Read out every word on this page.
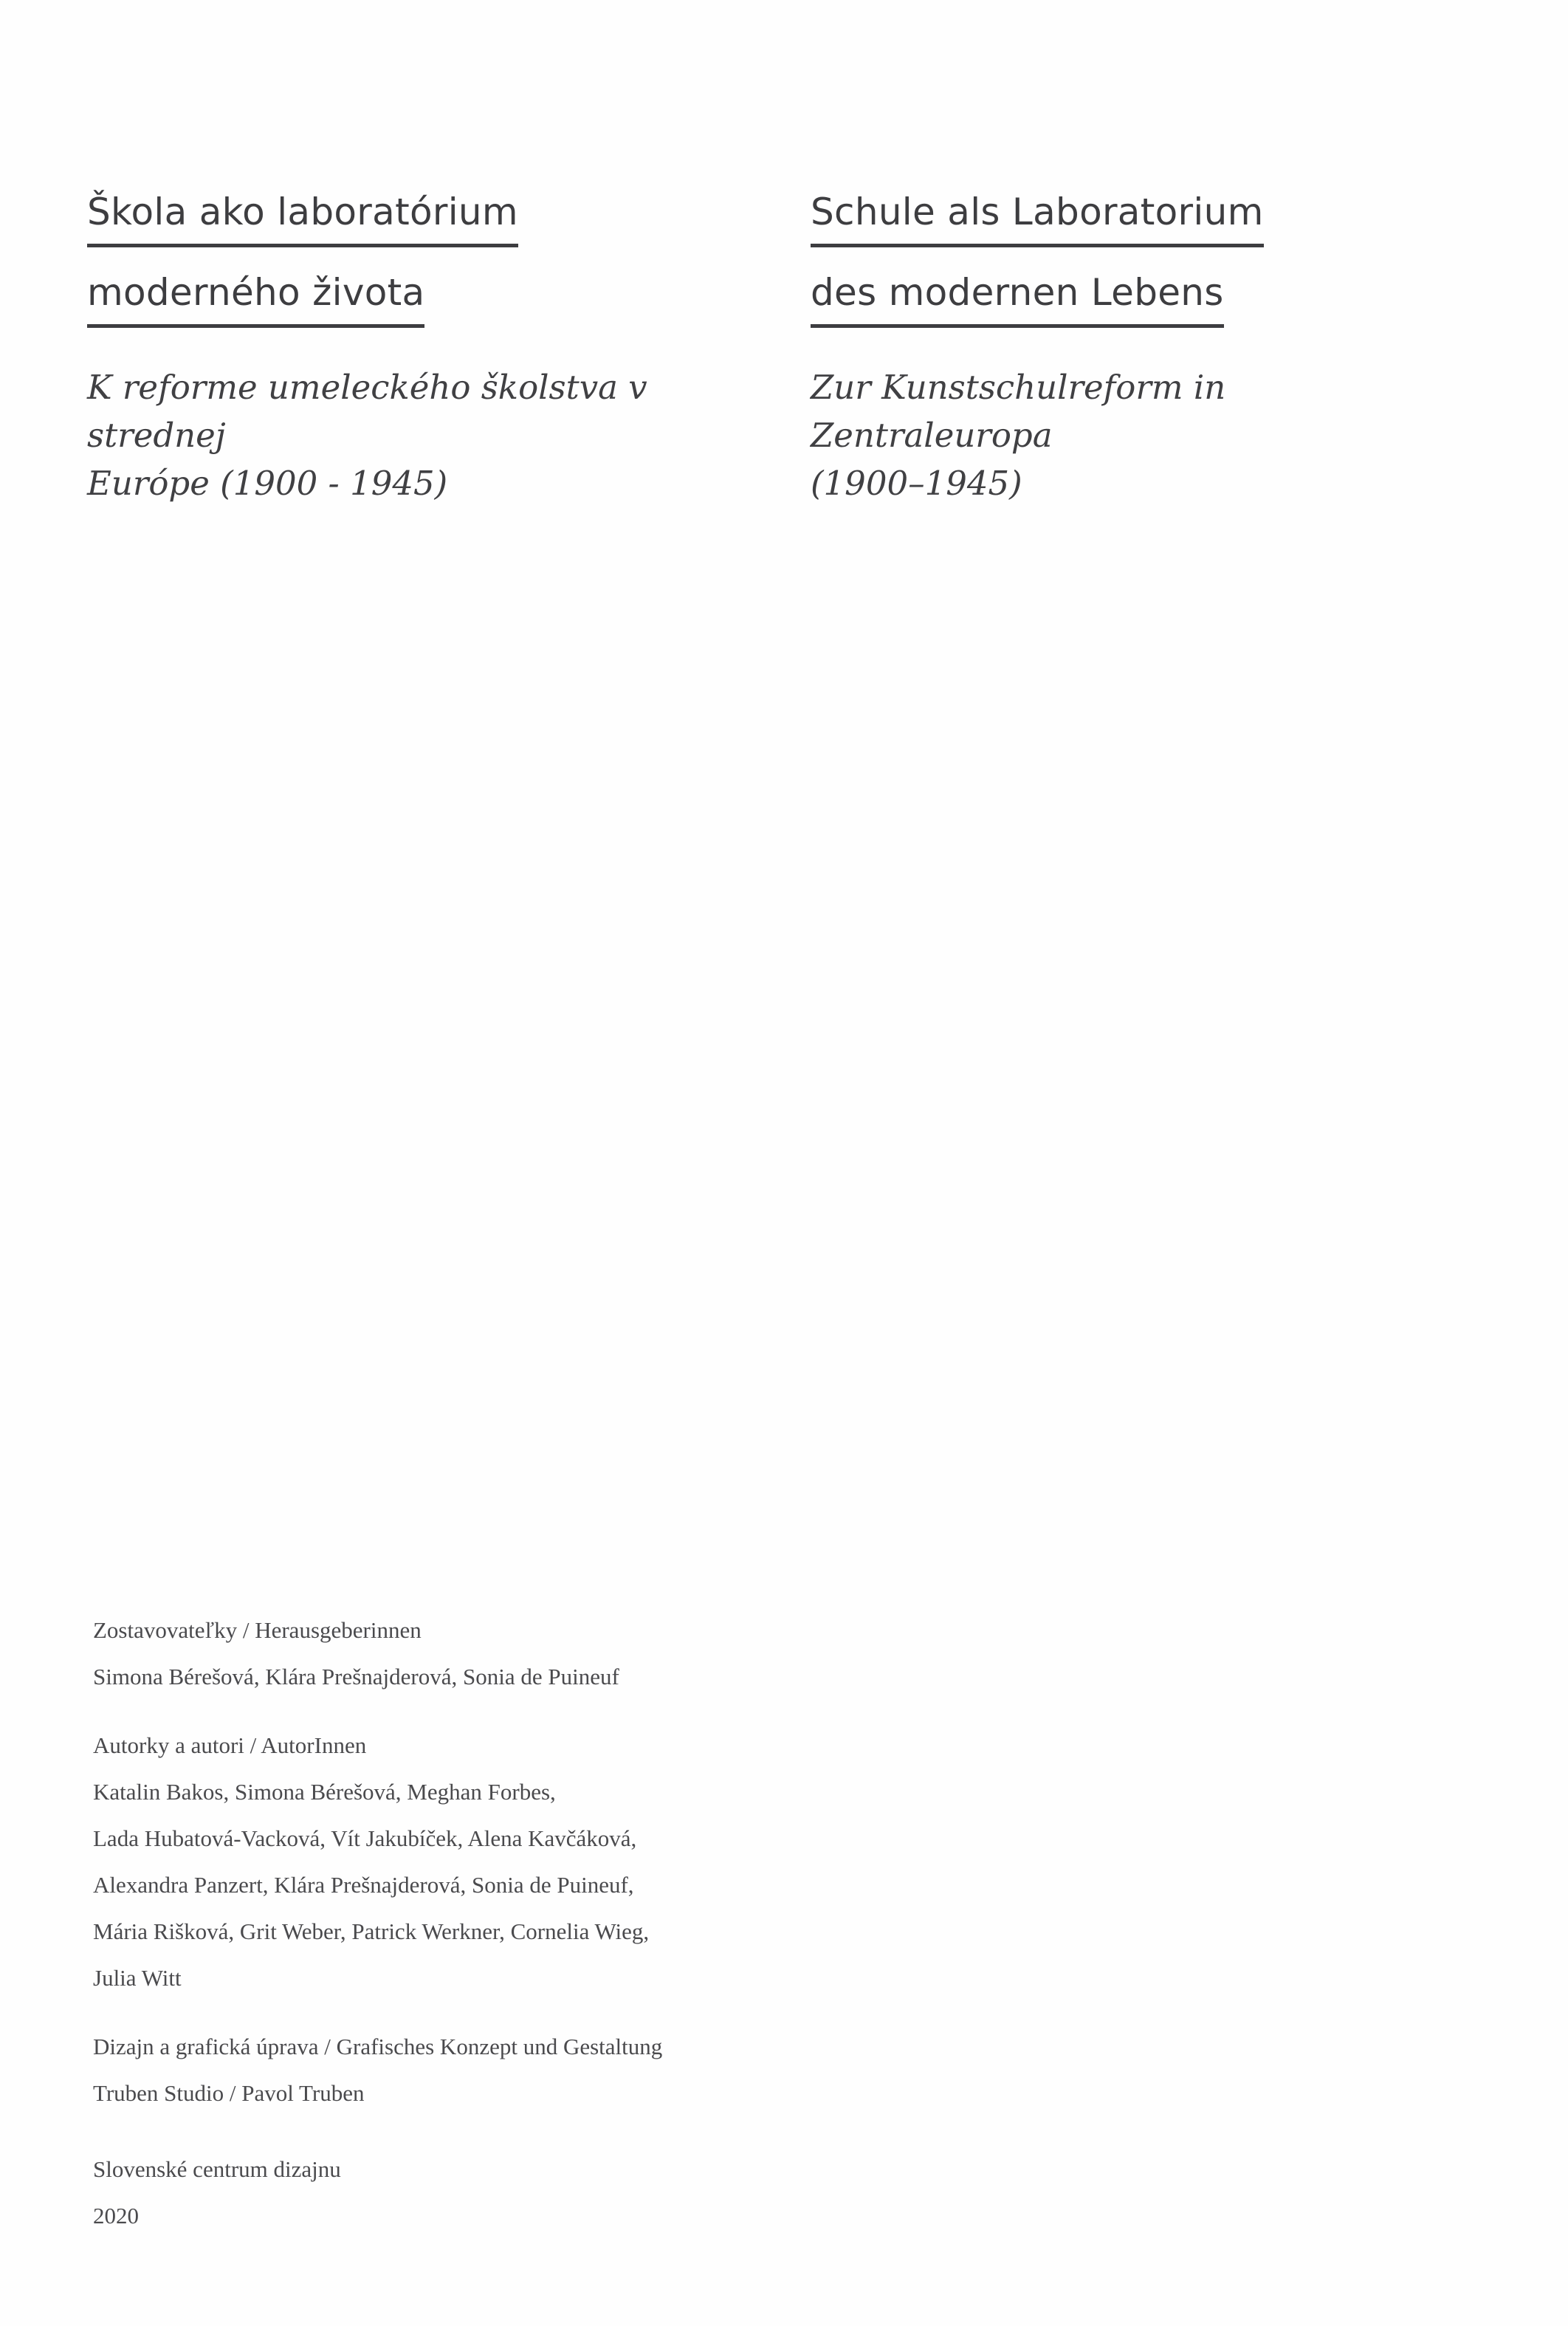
Škola ako laboratórium
moderného života
K reforme umeleckého školstva v strednej
Európe (1900 - 1945)
Schule als Laboratorium
des modernen Lebens
Zur Kunstschulreform in Zentraleuropa
(1900–1945)
Zostavovateľky / Herausgeberinnen
Simona Bérešová, Klára Prešnajderová, Sonia de Puineuf
Autorky a autori / AutorInnen
Katalin Bakos, Simona Bérešová, Meghan Forbes,
Lada Hubatová-Vacková, Vít Jakubíček, Alena Kavčáková,
Alexandra Panzert, Klára Prešnajderová, Sonia de Puineuf,
Mária Rišková, Grit Weber, Patrick Werkner, Cornelia Wieg,
Julia Witt
Dizajn a grafická úprava / Grafisches Konzept und Gestaltung
Truben Studio / Pavol Truben
Slovenské centrum dizajnu
2020
